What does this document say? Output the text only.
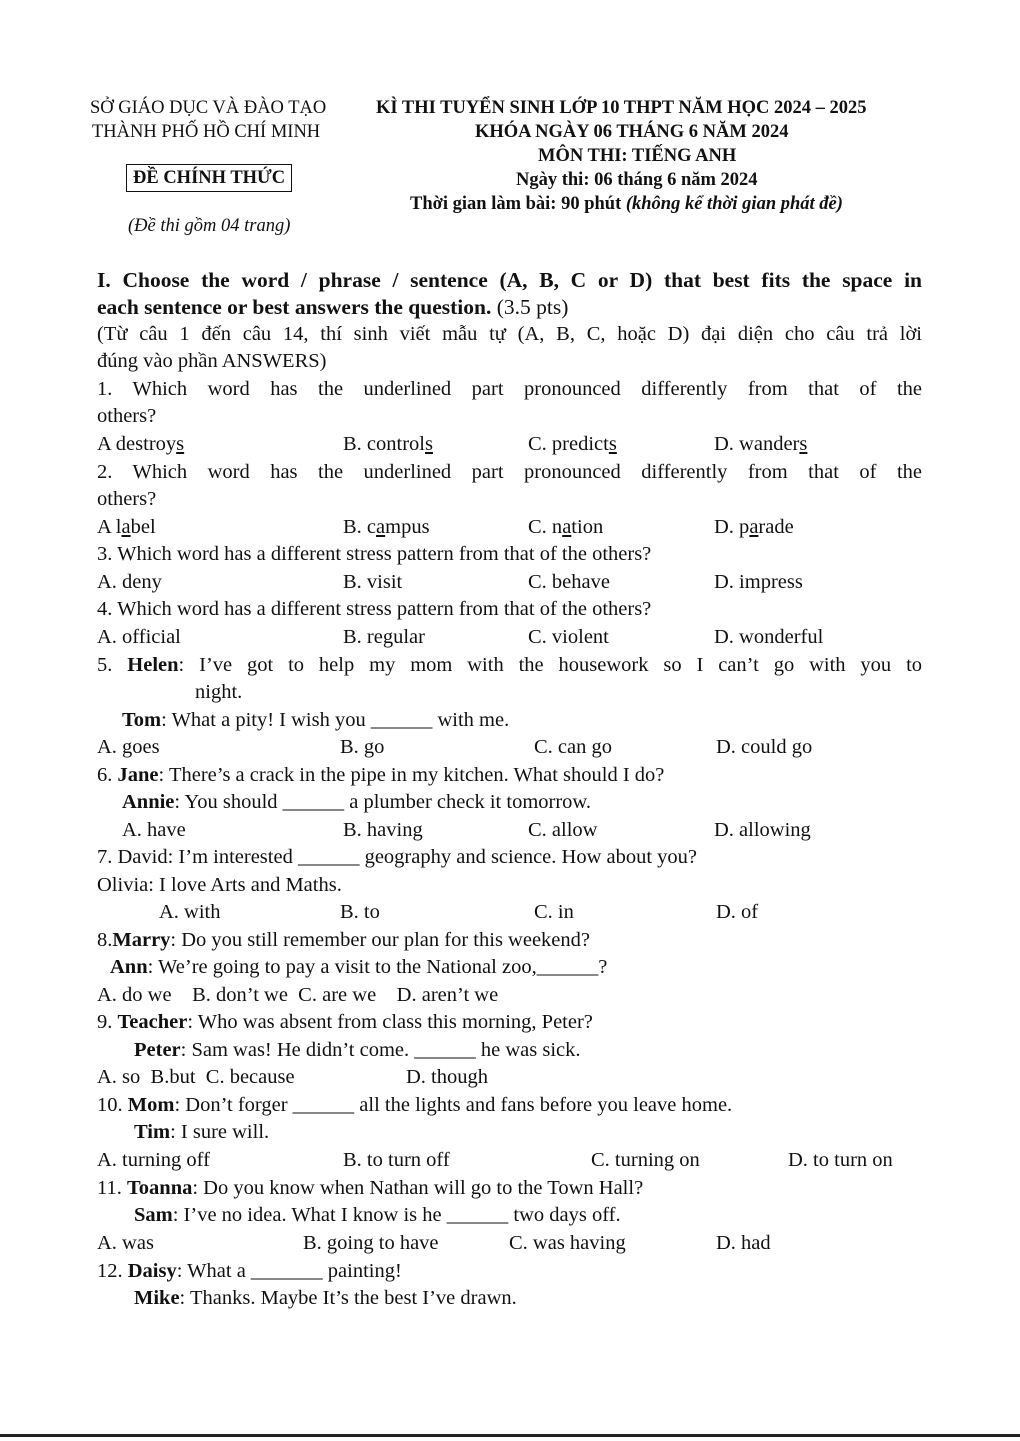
SỞ GIÁO DỤC VÀ ĐÀO TẠO
THÀNH PHỐ HỒ CHÍ MINH
ĐỀ CHÍNH THỨC
(Đề thi gồm 04 trang)
KÌ THI TUYỂN SINH LỚP 10 THPT NĂM HỌC 2024 – 2025
KHÓA NGÀY 06 THÁNG 6 NĂM 2024
MÔN THI: TIẾNG ANH
Ngày thi: 06 tháng 6 năm 2024
Thời gian làm bài: 90 phút (không kể thời gian phát đề)
I. Choose the word / phrase / sentence (A, B, C or D) that best fits the space in
each sentence or best answers the question. (3.5 pts)
(Từ câu 1 đến câu 14, thí sinh viết mẫu tự (A, B, C, hoặc D) đại diện cho câu trả lời
đúng vào phần ANSWERS)
1. Which word has the underlined part pronounced differently from that of the
others?
A destroys	B. controls	C. predicts	D. wanders
2. Which word has the underlined part pronounced differently from that of the
others?
A label	B. campus	C. nation	D. parade
3. Which word has a different stress pattern from that of the others?
A. deny	B. visit	C. behave	D. impress
4. Which word has a different stress pattern from that of the others?
A. official	B. regular	C. violent	D. wonderful
5. Helen: I’ve got to help my mom with the housework so I can’t go with you to
night.
Tom: What a pity! I wish you ______ with me.
A. goes	B. go	C. can go	D. could go
6. Jane: There’s a crack in the pipe in my kitchen. What should I do?
Annie: You should ______ a plumber check it tomorrow.
A. have	B. having	C. allow	D. allowing
7. David: I’m interested ______ geography and science. How about you?
Olivia: I love Arts and Maths.
A. with	B. to	C. in	D. of
8.Marry: Do you still remember our plan for this weekend?
Ann: We’re going to pay a visit to the National zoo,______?
A. do we    B. don’t we  C. are we    D. aren’t we
9. Teacher: Who was absent from class this morning, Peter?
Peter: Sam was! He didn’t come. ______ he was sick.
A. so  B.but  C. because	D. though
10. Mom: Don’t forger ______ all the lights and fans before you leave home.
Tim: I sure will.
A. turning off	B. to turn off	C. turning on	D. to turn on
11. Toanna: Do you know when Nathan will go to the Town Hall?
Sam: I’ve no idea. What I know is he ______ two days off.
A. was	B. going to have	C. was having	D. had
12. Daisy: What a _______ painting!
Mike: Thanks. Maybe It’s the best I’ve drawn.
